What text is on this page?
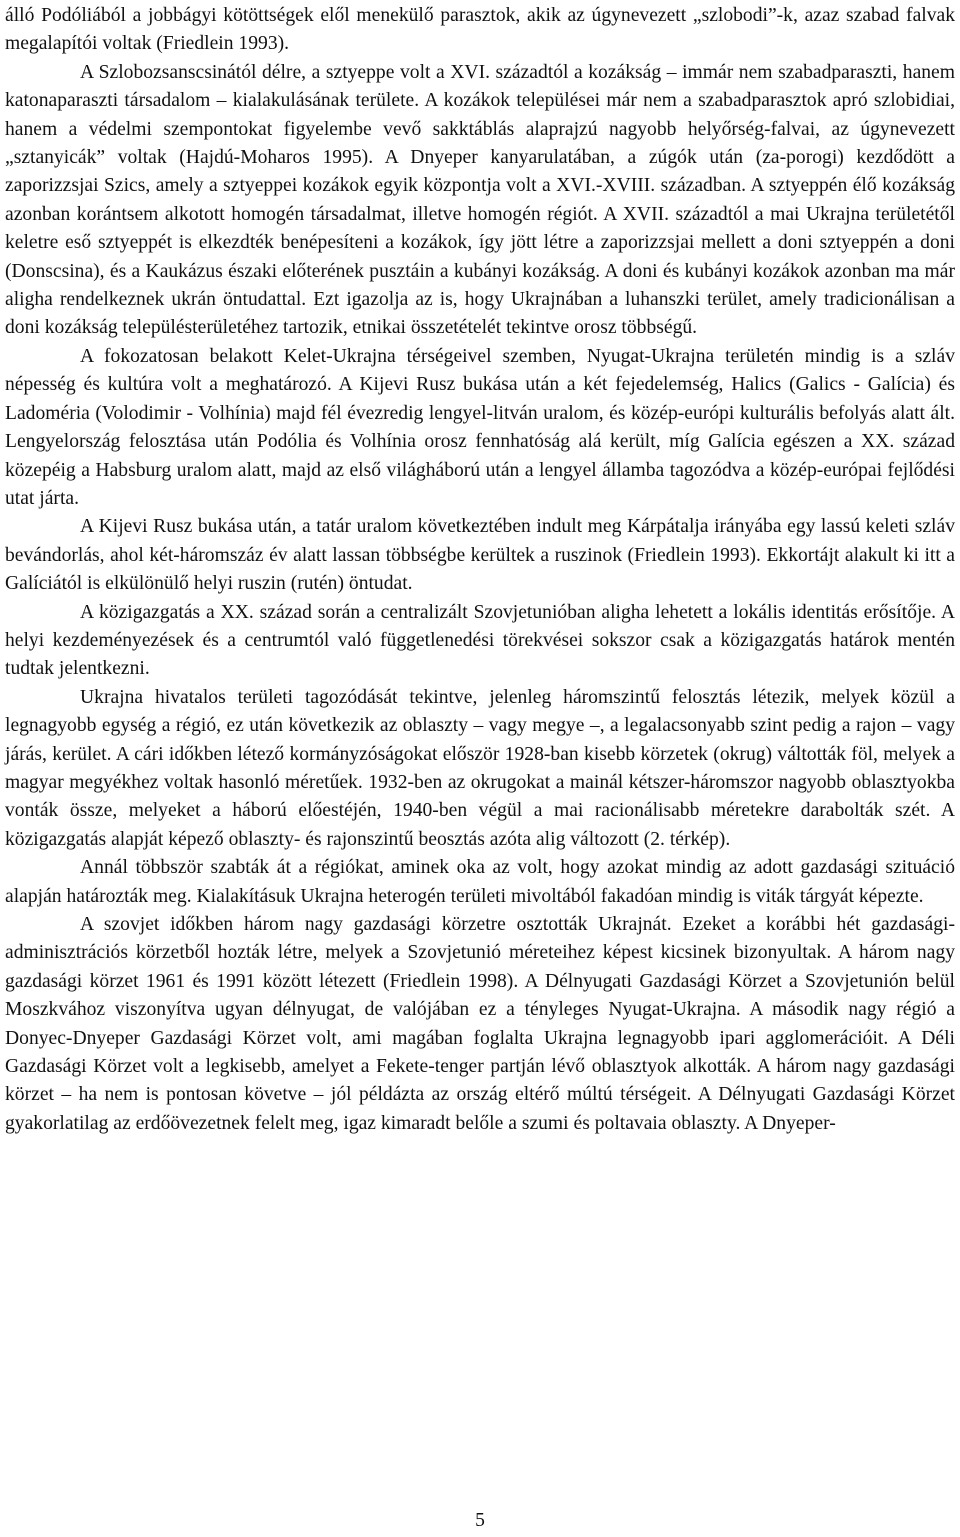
álló Podóliából a jobbágyi kötöttségek elől menekülő parasztok, akik az úgynevezett „szlobodi”-k, azaz szabad falvak megalapítói voltak (Friedlein 1993).

A Szlobozsanscsinától délre, a sztyeppe volt a XVI. századtól a kozákság – immár nem szabadparaszti, hanem katonaparaszti társadalom – kialakulásának területe. A kozákok települései már nem a szabadparasztok apró szlobidiai, hanem a védelmi szempontokat figyelembe vevő sakktáblás alaprajzú nagyobb helyőrség-falvai, az úgynevezett „sztanyicák” voltak (Hajdú-Moharos 1995). A Dnyeper kanyarulatában, a zúgók után (za-porogi) kezdődött a zaporizzsjai Szics, amely a sztyeppei kozákok egyik központja volt a XVI.-XVIII. században. A sztyeppén élő kozákság azonban korántsem alkotott homogén társadalmat, illetve homogén régiót. A XVII. századtól a mai Ukrajna területétől keletre eső sztyeppét is elkezdték benépesíteni a kozákok, így jött létre a zaporizzsjai mellett a doni sztyeppén a doni (Donscsina), és a Kaukázus északi előterének pusztáin a kubányi kozákság. A doni és kubányi kozákok azonban ma már aligha rendelkeznek ukrán öntudattal. Ezt igazolja az is, hogy Ukrajnában a luhanszki terület, amely tradicionálisan a doni kozákság településterületéhez tartozik, etnikai összetételét tekintve orosz többségű.

A fokozatosan belakott Kelet-Ukrajna térségeivel szemben, Nyugat-Ukrajna területén mindig is a szláv népesség és kultúra volt a meghatározó. A Kijevi Rusz bukása után a két fejedelemség, Halics (Galics - Galícia) és Ladoméria (Volodimir - Volhínia) majd fél évezredig lengyel-litván uralom, és közép-európi kulturális befolyás alatt ált. Lengyelország felosztása után Podólia és Volhínia orosz fennhatóság alá került, míg Galícia egészen a XX. század közepéig a Habsburg uralom alatt, majd az első világháború után a lengyel állambа tagozódva a közép-európai fejlődési utat járta.

A Kijevi Rusz bukása után, a tatár uralom következtében indult meg Kárpátalja irányába egy lassú keleti szláv bevándorlás, ahol két-háromszáz év alatt lassan többségbe kerültek a ruszinok (Friedlein 1993). Ekkortájt alakult ki itt a Galíciától is elkülönülő helyi ruszin (rutén) öntudat.

A közigazgatás a XX. század során a centralizált Szovjetunióban aligha lehetett a lokális identitás erősítője. A helyi kezdeményezések és a centrumtól való függetlenedési törekvései sokszor csak a közigazgatás határok mentén tudtak jelentkezni.

Ukrajna hivatalos területi tagozódását tekintve, jelenleg háromszintű felosztás létezik, melyek közül a legnagyobb egység a régió, ez után következik az oblaszty – vagy megye –, a legalacsonyabb szint pedig a rajon – vagy járás, kerület. A cári időkben létező kormányzóságokat először 1928-ban kisebb körzetek (okrug) váltották föl, melyek a magyar megyékhez voltak hasonló méretűek. 1932-ben az okrugokat a mainál kétszer-háromszor nagyobb oblasztyokba vonták össze, melyeket a háború előestéjén, 1940-ben végül a mai racionálisabb méretekre darabolták szét. A közigazgatás alapját képező oblaszty- és rajonszintű beosztás azóta alig változott (2. térkép).

Annál többször szabták át a régiókat, aminek oka az volt, hogy azokat mindig az adott gazdasági szituáció alapján határozták meg. Kialakításuk Ukrajna heterogén területi mivoltából fakadóan mindig is viták tárgyát képezte.

A szovjet időkben három nagy gazdasági körzetre osztották Ukrajnát. Ezeket a korábbi hét gazdasági-adminisztrációs körzetből hozták létre, melyek a Szovjetunió méreteihez képest kicsinek bizonyultak. A három nagy gazdasági körzet 1961 és 1991 között létezett (Friedlein 1998). A Délnyugati Gazdasági Körzet a Szovjetunión belül Moszkvához viszonyítva ugyan délnyugat, de valójában ez a tényleges Nyugat-Ukrajna. A második nagy régió a Donyec-Dnyeper Gazdasági Körzet volt, ami magában foglalta Ukrajna legnagyobb ipari agglomerációit. A Déli Gazdasági Körzet volt a legkisebb, amelyet a Fekete-tenger partján lévő oblasztyok alkották. A három nagy gazdasági körzet – ha nem is pontosan követve – jól példázta az ország eltérő múltú térségeit. A Délnyugati Gazdasági Körzet gyakorlatilag az erdőövezetnek felelt meg, igaz kimaradt belőle a szumi és poltavaia oblaszty. A Dnyeper-

5
